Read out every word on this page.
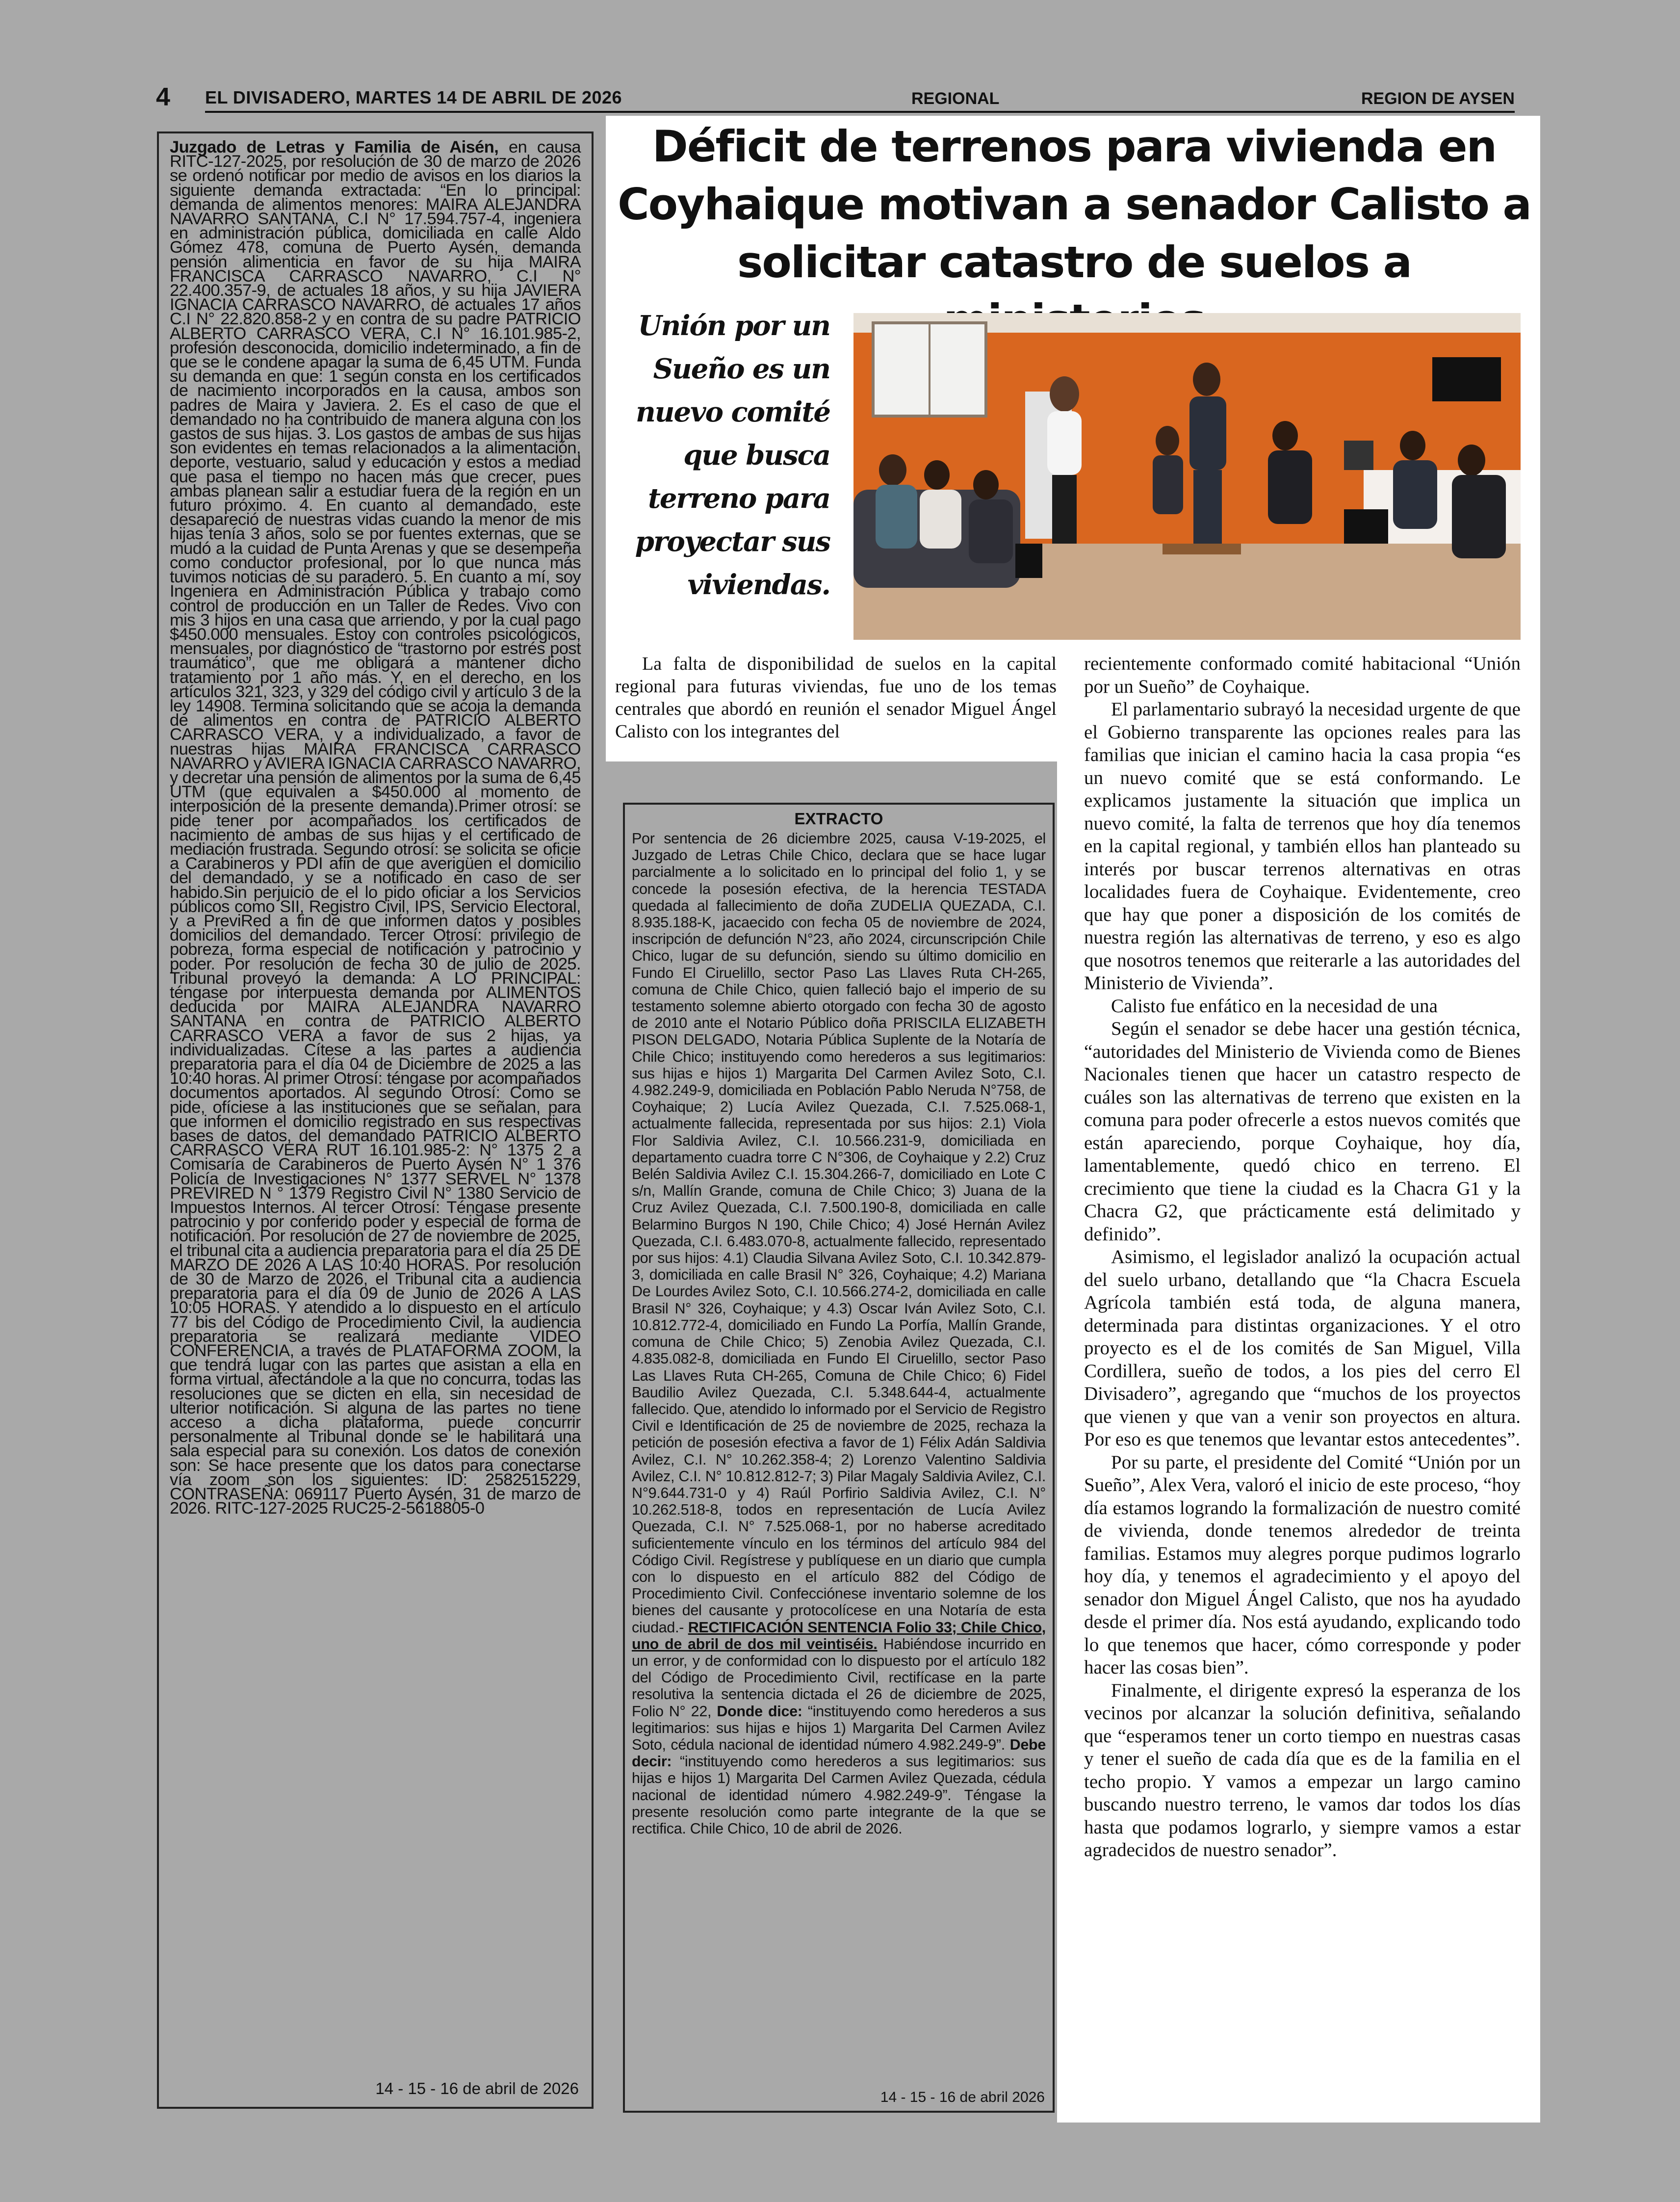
4 EL DIVISADERO, MARTES 14 DE ABRIL DE 2026	REGIONAL	REGION DE AYSEN

Juzgado de Letras y Familia de Aisén, en causa RITC-127-2025, por resolución de 30 de marzo de 2026 se ordenó notificar por medio de avisos en los diarios la siguiente demanda extractada: “En lo principal: demanda de alimentos menores: MAIRA ALEJANDRA NAVARRO SANTANA, C.I N° 17.594.757-4, ingeniera en administración pública, domiciliada en calle Aldo Gómez 478, comuna de Puerto Aysén, demanda pensión alimenticia en favor de su hija MAIRA FRANCISCA CARRASCO NAVARRO, C.I N° 22.400.357-9, de actuales 18 años, y su hija JAVIERA IGNACIA CARRASCO NAVARRO, de actuales 17 años C.I N° 22.820.858-2 y en contra de su padre PATRICIO ALBERTO CARRASCO VERA, C.I N° 16.101.985-2, profesión desconocida, domicilio indeterminado, a fin de que se le condene apagar la suma de 6,45 UTM. Funda su demanda en que: 1 según consta en los certificados de nacimiento incorporados en la causa, ambos son padres de Maira y Javiera. 2. Es el caso de que el demandado no ha contribuido de manera alguna con los gastos de sus hijas. 3. Los gastos de ambas de sus hijas son evidentes en temas relacionados a la alimentación, deporte, vestuario, salud y educación y estos a mediad que pasa el tiempo no hacen más que crecer, pues ambas planean salir a estudiar fuera de la región en un futuro próximo. 4. En cuanto al demandado, este desapareció de nuestras vidas cuando la menor de mis hijas tenía 3 años, solo se por fuentes externas, que se mudó a la cuidad de Punta Arenas y que se desempeña como conductor profesional, por lo que nunca más tuvimos noticias de su paradero. 5. En cuanto a mí, soy Ingeniera en Administración Pública y trabajo como control de producción en un Taller de Redes. Vivo con mis 3 hijos en una casa que arriendo, y por la cual pago $450.000 mensuales. Estoy con controles psicológicos, mensuales, por diagnóstico de “trastorno por estrés post traumático”, que me obligará a mantener dicho tratamiento por 1 año más. Y, en el derecho, en los artículos 321, 323, y 329 del código civil y artículo 3 de la ley 14908. Termina solicitando que se acoja la demanda de alimentos en contra de PATRICIO ALBERTO CARRASCO VERA, y a individualizado, a favor de nuestras hijas MAIRA FRANCISCA CARRASCO NAVARRO y AVIERA IGNACIA CARRASCO NAVARRO, y decretar una pensión de alimentos por la suma de 6,45 UTM (que equivalen a $450.000 al momento de interposición de la presente demanda).Primer otrosí: se pide tener por acompañados los certificados de nacimiento de ambas de sus hijas y el certificado de mediación frustrada. Segundo otrosí: se solicita se oficie a Carabineros y PDI afin de que averigüen el domicilio del demandado, y se a notificado en caso de ser habido.Sin perjuicio de el lo pido oficiar a los Servicios públicos como SII, Registro Civil, IPS, Servicio Electoral, y a PreviRed a fin de que informen datos y posibles domicilios del demandado. Tercer Otrosí: privilegio de pobreza, forma especial de notificación y patrocinio y poder. Por resolución de fecha 30 de julio de 2025. Tribunal proveyó la demanda: A LO PRINCIPAL: téngase por interpuesta demanda por ALIMENTOS deducida por MAIRA ALEJANDRA NAVARRO SANTANA en contra de PATRICIO ALBERTO CARRASCO VERA a favor de sus 2 hijas, ya individualizadas. Cítese a las partes a audiencia preparatoria para el día 04 de Diciembre de 2025 a las 10:40 horas. Al primer Otrosí: téngase por acompañados documentos aportados. Al segundo Otrosí: Como se pide, ofíciese a las instituciones que se señalan, para que informen el domicilio registrado en sus respectivas bases de datos, del demandado PATRICIO ALBERTO CARRASCO VERA RUT 16.101.985-2: N° 1375 2 a Comisaría de Carabineros de Puerto Aysén N° 1 376 Policía de Investigaciones N° 1377 SERVEL N° 1378 PREVIRED N ° 1379 Registro Civil N° 1380 Servicio de Impuestos Internos. Al tercer Otrosí: Téngase presente patrocinio y por conferido poder y especial de forma de notificación. Por resolución de 27 de noviembre de 2025, el tribunal cita a audiencia preparatoria para el día 25 DE MARZO DE 2026 A LAS 10:40 HORAS. Por resolución de 30 de Marzo de 2026, el Tribunal cita a audiencia preparatoria para el día 09 de Junio de 2026 A LAS 10:05 HORAS. Y atendido a lo dispuesto en el artículo 77 bis del Código de Procedimiento Civil, la audiencia preparatoria se realizará mediante VIDEO CONFERENCIA, a través de PLATAFORMA ZOOM, la que tendrá lugar con las partes que asistan a ella en forma virtual, afectándole a la que no concurra, todas las resoluciones que se dicten en ella, sin necesidad de ulterior notificación. Si alguna de las partes no tiene acceso a dicha plataforma, puede concurrir personalmente al Tribunal donde se le habilitará una sala especial para su conexión. Los datos de conexión son: Se hace presente que los datos para conectarse vía zoom son los siguientes: ID: 2582515229, CONTRASEÑA: 069117 Puerto Aysén, 31 de marzo de 2026. RITC-127-2025 RUC25-2-5618805-0

14 - 15 - 16 de abril de 2026
Déficit de terrenos para vivienda en Coyhaique motivan a senador Calisto a solicitar catastro de suelos a
Unión por un Sueño es un nuevo comité que busca terreno para proyectar sus viviendas.
La falta de disponibilidad de suelos en la capital regional para futuras viviendas, fue uno de los temas centrales que abordó en reunión el senador Miguel Ángel Calisto con los integrantes del
EXTRACTO

Por sentencia de 26 diciembre 2025, causa V-19-2025, el Juzgado de Letras Chile Chico, declara que se hace lugar parcialmente a lo solicitado en lo principal del folio 1, y se concede la posesión efectiva, de la herencia TESTADA quedada al fallecimiento de doña ZUDELIA QUEZADA, C.I. 8.935.188-K, jacaecido con fecha 05 de noviembre de 2024, inscripción de defunción N°23, año 2024, circunscripción Chile Chico, lugar de su defunción, siendo su último domicilio en Fundo El Ciruelillo, sector Paso Las Llaves Ruta CH-265, comuna de Chile Chico, quien falleció bajo el imperio de su testamento solemne abierto otorgado con fecha 30 de agosto de 2010 ante el Notario Público doña PRISCILA ELIZABETH PISON DELGADO, Notaria Pública Suplente de la Notaría de Chile Chico; instituyendo como herederos a sus legitimarios: sus hijas e hijos 1) Margarita Del Carmen Avilez Soto, C.I. 4.982.249-9, domiciliada en Población Pablo Neruda N°758, de Coyhaique; 2) Lucía Avilez Quezada, C.I. 7.525.068-1, actualmente fallecida, representada por sus hijos: 2.1) Viola Flor Saldivia Avilez, C.I. 10.566.231-9, domiciliada en departamento cuadra torre C N°306, de Coyhaique y 2.2) Cruz Belén Saldivia Avilez C.I. 15.304.266-7, domiciliado en Lote C s/n, Mallín Grande, comuna de Chile Chico; 3) Juana de la Cruz Avilez Quezada, C.I. 7.500.190-8, domiciliada en calle Belarmino Burgos N 190, Chile Chico; 4) José Hernán Avilez Quezada, C.I. 6.483.070-8, actualmente fallecido, representado por sus hijos: 4.1) Claudia Silvana Avilez Soto, C.I. 10.342.879-3, domiciliada en calle Brasil N° 326, Coyhaique; 4.2) Mariana De Lourdes Avilez Soto, C.I. 10.566.274-2, domiciliada en calle Brasil N° 326, Coyhaique; y 4.3) Oscar Iván Avilez Soto, C.I. 10.812.772-4, domiciliado en Fundo La Porfía, Mallín Grande, comuna de Chile Chico; 5) Zenobia Avilez Quezada, C.I. 4.835.082-8, domiciliada en Fundo El Ciruelillo, sector Paso Las Llaves Ruta CH-265, Comuna de Chile Chico; 6) Fidel Baudilio Avilez Quezada, C.I. 5.348.644-4, actualmente fallecido. Que, atendido lo informado por el Servicio de Registro Civil e Identificación de 25 de noviembre de 2025, rechaza la petición de posesión efectiva a favor de 1) Félix Adán Saldivia Avilez, C.I. N° 10.262.358-4; 2) Lorenzo Valentino Saldivia Avilez, C.I. N° 10.812.812-7; 3) Pilar Magaly Saldivia Avilez, C.I. N°9.644.731-0 y 4) Raúl Porfirio Saldivia Avilez, C.I. N° 10.262.518-8, todos en representación de Lucía Avilez Quezada, C.I. N° 7.525.068-1, por no haberse acreditado suficientemente vínculo en los términos del artículo 984 del Código Civil. Regístrese y publíquese en un diario que cumpla con lo dispuesto en el artículo 882 del Código de Procedimiento Civil. Confecciónese inventario solemne de los bienes del causante y protocolícese en una Notaría de esta ciudad.- RECTIFICACIÓN SENTENCIA Folio 33; Chile Chico, uno de abril de dos mil veintiséis. Habiéndose incurrido en un error, y de conformidad con lo dispuesto por el artículo 182 del Código de Procedimiento Civil, rectifícase en la parte resolutiva la sentencia dictada el 26 de diciembre de 2025, Folio N° 22, Donde dice: “instituyendo como herederos a sus legitimarios: sus hijas e hijos 1) Margarita Del Carmen Avilez Soto, cédula nacional de identidad número 4.982.249-9”. Debe decir: “instituyendo como herederos a sus legitimarios: sus hijas e hijos 1) Margarita Del Carmen Avilez Quezada, cédula nacional de identidad número 4.982.249-9”. Téngase la presente resolución como parte integrante de la que se rectifica. Chile Chico, 10 de abril de 2026.

14 - 15 - 16 de abril 2026

recientemente conformado comité habitacional “Unión por un Sueño” de Coyhaique.

El parlamentario subrayó la necesidad urgente de que el Gobierno transparente las opciones reales para las familias que inician el camino hacia la casa propia “es un nuevo comité que se está conformando. Le explicamos justamente la situación que implica un nuevo comité, la falta de terrenos que hoy día tenemos en la capital regional, y también ellos han planteado su interés por buscar terrenos alternativas en otras localidades fuera de Coyhaique. Evidentemente, creo que hay que poner a disposición de los comités de nuestra región las alternativas de terreno, y eso es algo que nosotros tenemos que reiterarle a las autoridades del Ministerio de Vivienda”.

Calisto fue enfático en la necesidad de una

Según el senador se debe hacer una gestión técnica, “autoridades del Ministerio de Vivienda como de Bienes Nacionales tienen que hacer un catastro respecto de cuáles son las alternativas de terreno que existen en la comuna para poder ofrecerle a estos nuevos comités que están apareciendo, porque Coyhaique, hoy día, lamentablemente, quedó chico en terreno. El crecimiento que tiene la ciudad es la Chacra G1 y la Chacra G2, que prácticamente está delimitado y definido”.

Asimismo, el legislador analizó la ocupación actual del suelo urbano, detallando que “la Chacra Escuela Agrícola también está toda, de alguna manera, determinada para distintas organizaciones. Y el otro proyecto es el de los comités de San Miguel, Villa Cordillera, sueño de todos, a los pies del cerro El Divisadero”, agregando que “muchos de los proyectos que vienen y que van a venir son proyectos en altura. Por eso es que tenemos que levantar estos antecedentes”.

Por su parte, el presidente del Comité “Unión por un Sueño”, Alex Vera, valoró el inicio de este proceso, “hoy día estamos logrando la formalización de nuestro comité de vivienda, donde tenemos alrededor de treinta familias. Estamos muy alegres porque pudimos lograrlo hoy día, y tenemos el agradecimiento y el apoyo del senador don Miguel Ángel Calisto, que nos ha ayudado desde el primer día. Nos está ayudando, explicando todo lo que tenemos que hacer, cómo corresponde y poder hacer las cosas bien”.

Finalmente, el dirigente expresó la esperanza de los vecinos por alcanzar la solución definitiva, señalando que “esperamos tener un corto tiempo en nuestras casas y tener el sueño de cada día que es de la familia en el techo propio. Y vamos a empezar un largo camino buscando nuestro terreno, le vamos dar todos los días hasta que podamos lograrlo, y siempre vamos a estar agradecidos de nuestro senador”.
